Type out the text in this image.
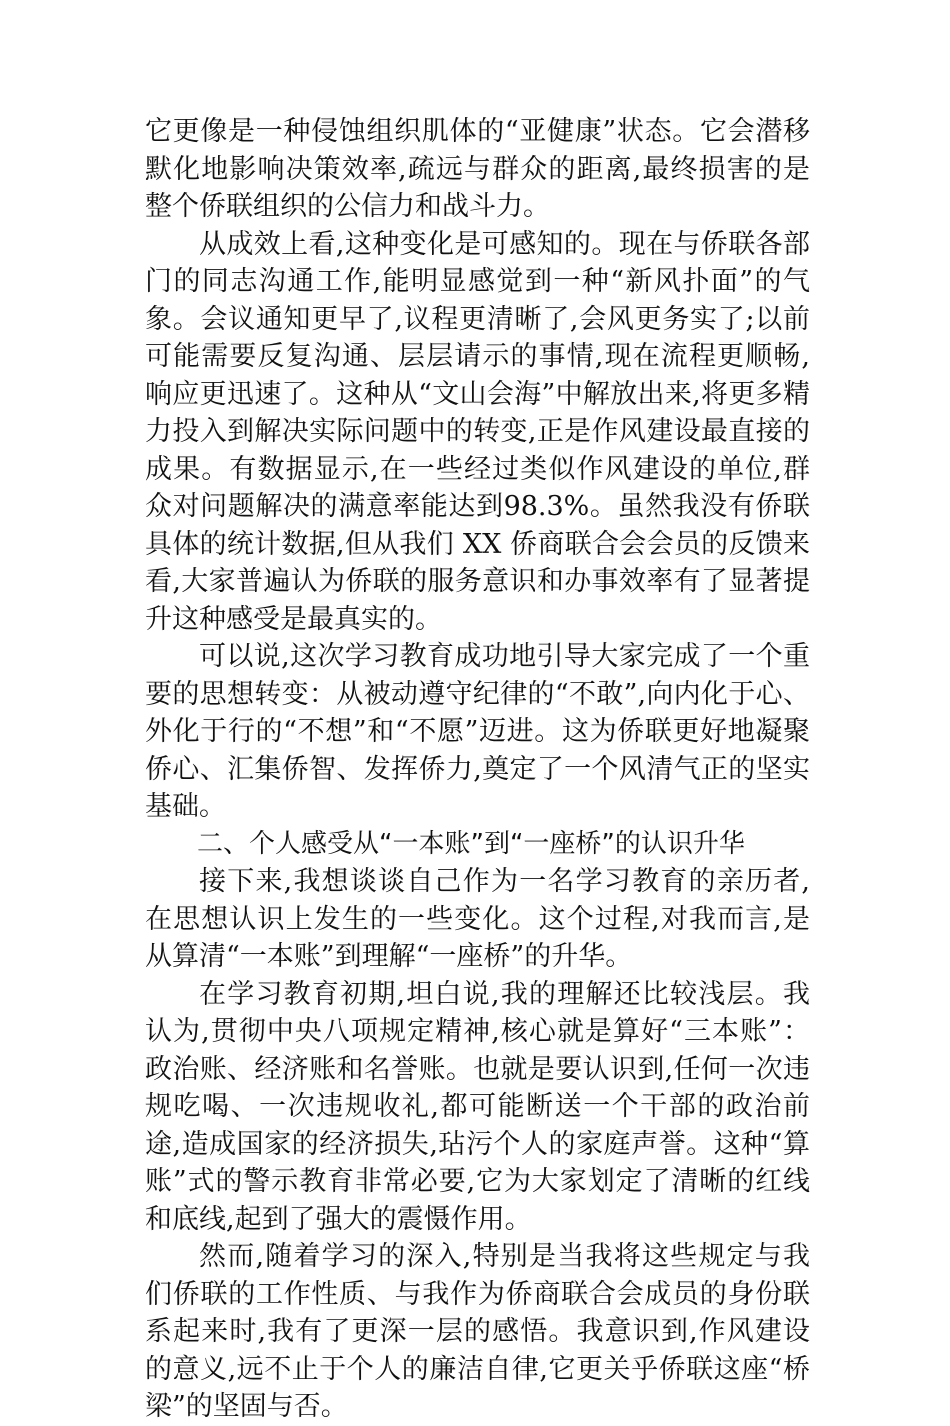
它更像是一种侵蚀组织肌体的“亚健康”状态。它会潜移默化地影响决策效率,疏远与群众的距离,最终损害的是整个侨联组织的公信力和战斗力。

从成效上看,这种变化是可感知的。现在与侨联各部门的同志沟通工作,能明显感觉到一种“新风扑面”的气象。会议通知更早了,议程更清晰了,会风更务实了;以前可能需要反复沟通、层层请示的事情,现在流程更顺畅,响应更迅速了。这种从“文山会海”中解放出来,将更多精力投入到解决实际问题中的转变,正是作风建设最直接的成果。有数据显示,在一些经过类似作风建设的单位,群众对问题解决的满意率能达到98.3%。虽然我没有侨联具体的统计数据,但从我们 XX 侨商联合会会员的反馈来看,大家普遍认为侨联的服务意识和办事效率有了显著提升这种感受是最真实的。

可以说,这次学习教育成功地引导大家完成了一个重要的思想转变：从被动遵守纪律的“不敢”,向内化于心、外化于行的“不想”和“不愿”迈进。这为侨联更好地凝聚侨心、汇集侨智、发挥侨力,奠定了一个风清气正的坚实基础。

二、个人感受从“一本账”到“一座桥”的认识升华

接下来,我想谈谈自己作为一名学习教育的亲历者,在思想认识上发生的一些变化。这个过程,对我而言,是从算清“一本账”到理解“一座桥”的升华。

在学习教育初期,坦白说,我的理解还比较浅层。我认为,贯彻中央八项规定精神,核心就是算好“三本账”：政治账、经济账和名誉账。也就是要认识到,任何一次违规吃喝、一次违规收礼,都可能断送一个干部的政治前途,造成国家的经济损失,玷污个人的家庭声誉。这种“算账”式的警示教育非常必要,它为大家划定了清晰的红线和底线,起到了强大的震慑作用。

然而,随着学习的深入,特别是当我将这些规定与我们侨联的工作性质、与我作为侨商联合会成员的身份联系起来时,我有了更深一层的感悟。我意识到,作风建设的意义,远不止于个人的廉洁自律,它更关乎侨联这座“桥梁”的坚固与否。
